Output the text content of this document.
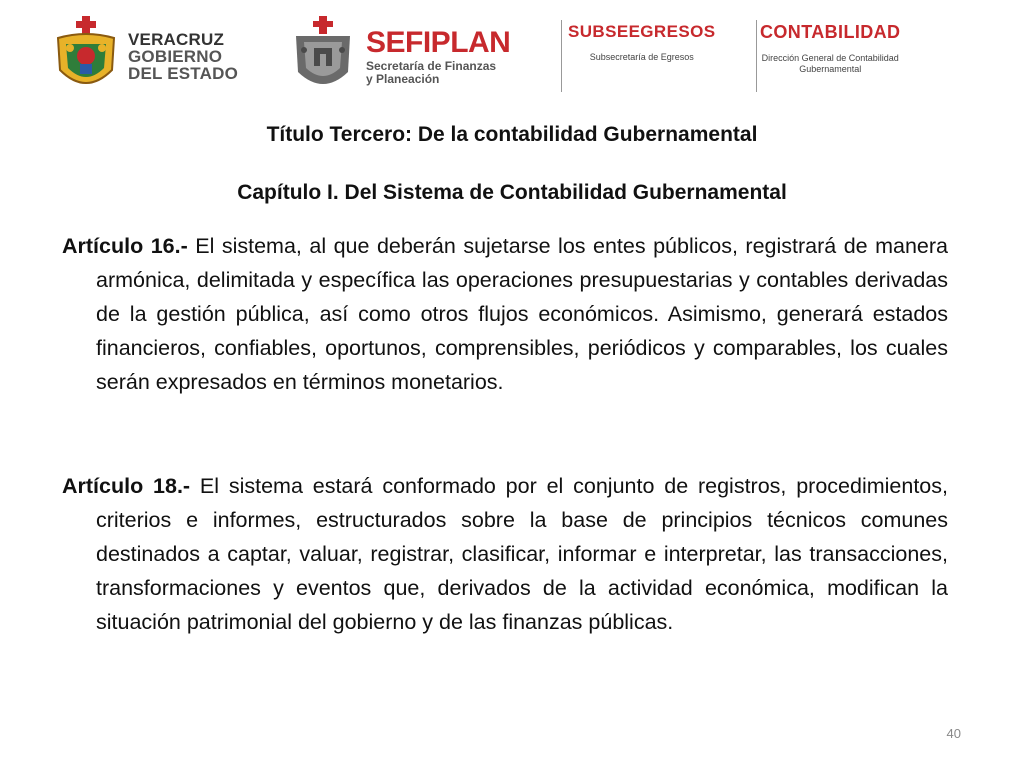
VERACRUZ
GOBIERNO
DEL ESTADO
SEFIPLAN
Secretaría de Finanzas
y Planeación
SUBSEEGRESOS
Subsecretaría de Egresos
CONTABILIDAD
Dirección General de Contabilidad
Gubernamental
Título Tercero: De la contabilidad Gubernamental
Capítulo I. Del Sistema de Contabilidad Gubernamental
Artículo 16.- El sistema, al que deberán sujetarse los entes públicos, registrará de manera armónica, delimitada y específica las operaciones presupuestarias y contables derivadas de la gestión pública, así como otros flujos económicos. Asimismo, generará estados financieros, confiables, oportunos, comprensibles, periódicos y comparables, los cuales serán expresados en términos monetarios.
Artículo 18.- El sistema estará conformado por el conjunto de registros, procedimientos, criterios e informes, estructurados sobre la base de principios técnicos comunes destinados a captar, valuar, registrar, clasificar, informar e interpretar, las transacciones, transformaciones y eventos que, derivados de la actividad económica, modifican la situación patrimonial del gobierno y de las finanzas públicas.
40
